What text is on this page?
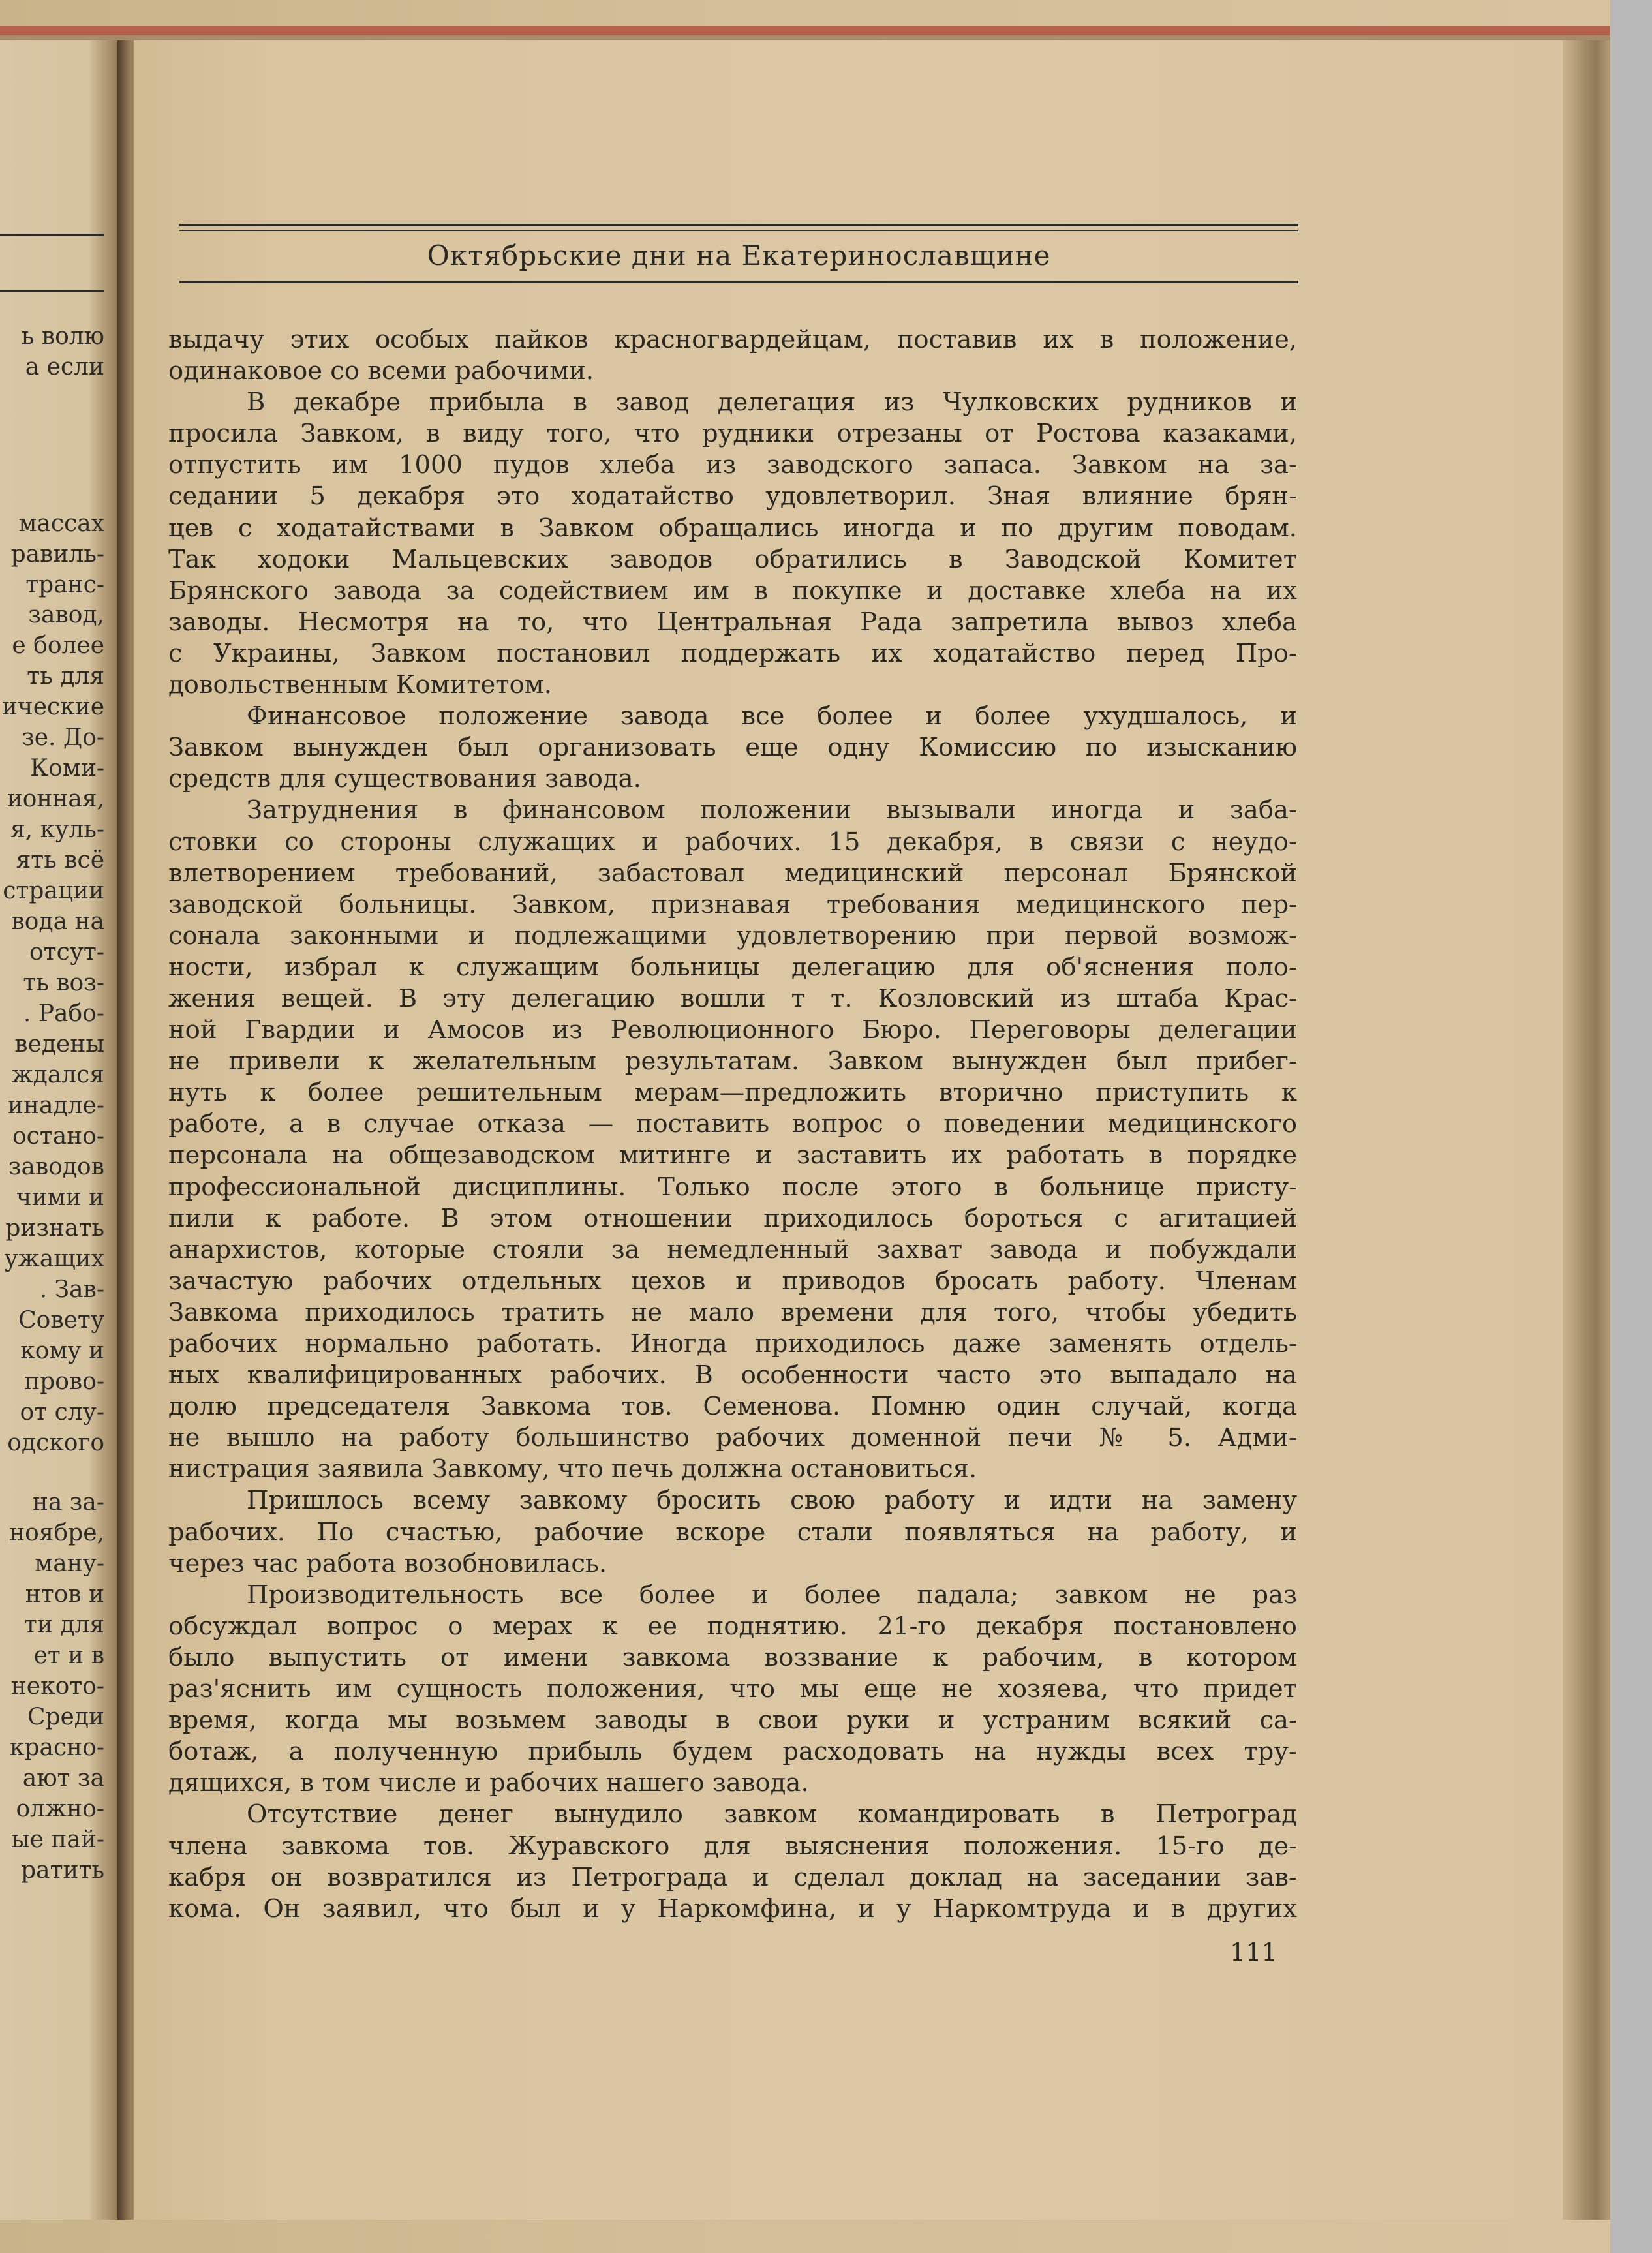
ь волю
а если
массах
равиль-
транс-
завод,
е более
ть для
ические
зе. До-
Коми-
ионная,
я, куль-
ять всё
страции
вода на
отсут-
ть воз-
. Рабо-
ведены
ждался
инадле-
остано-
заводов
чими и
ризнать
ужащих
. Зав-
Совету
кому и
прово-
от слу-
одского
на за-
ноябре,
ману-
нтов и
ти для
ет и в
некото-
Среди
красно-
ают за
олжно-
ые пай-
ратить
Октябрьские дни на Екатеринославщине
выдачу этих особых пайков красногвардейцам, поставив их в положение,
одинаковое со всеми рабочими.
В декабре прибыла в завод делегация из Чулковских рудников и
просила Завком, в виду того, что рудники отрезаны от Ростова казаками,
отпустить им 1000 пудов хлеба из заводского запаса. Завком на за-
седании 5 декабря это ходатайство удовлетворил. Зная влияние брян-
цев с ходатайствами в Завком обращались иногда и по другим поводам.
Так ходоки Мальцевских заводов обратились в Заводской Комитет
Брянского завода за содействием им в покупке и доставке хлеба на их
заводы. Несмотря на то, что Центральная Рада запретила вывоз хлеба
с Украины, Завком постановил поддержать их ходатайство перед Про-
довольственным Комитетом.
Финансовое положение завода все более и более ухудшалось, и
Завком вынужден был организовать еще одну Комиссию по изысканию
средств для существования завода.
Затруднения в финансовом положении вызывали иногда и заба-
стовки со стороны служащих и рабочих. 15 декабря, в связи с неудо-
влетворением требований, забастовал медицинский персонал Брянской
заводской больницы. Завком, признавая требования медицинского пер-
сонала законными и подлежащими удовлетворению при первой возмож-
ности, избрал к служащим больницы делегацию для об'яснения поло-
жения вещей. В эту делегацию вошли т т. Козловский из штаба Крас-
ной Гвардии и Амосов из Революционного Бюро. Переговоры делегации
не привели к желательным результатам. Завком вынужден был прибег-
нуть к более решительным мерам—предложить вторично приступить к
работе, а в случае отказа — поставить вопрос о поведении медицинского
персонала на общезаводском митинге и заставить их работать в порядке
профессиональной дисциплины. Только после этого в больнице присту-
пили к работе. В этом отношении приходилось бороться с агитацией
анархистов, которые стояли за немедленный захват завода и побуждали
зачастую рабочих отдельных цехов и приводов бросать работу. Членам
Завкома приходилось тратить не мало времени для того, чтобы убедить
рабочих нормально работать. Иногда приходилось даже заменять отдель-
ных квалифицированных рабочих. В особенности часто это выпадало на
долю председателя Завкома тов. Семенова. Помню один случай, когда
не вышло на работу большинство рабочих доменной печи № 5. Адми-
нистрация заявила Завкому, что печь должна остановиться.
Пришлось всему завкому бросить свою работу и идти на замену
рабочих. По счастью, рабочие вскоре стали появляться на работу, и
через час работа возобновилась.
Производительность все более и более падала; завком не раз
обсуждал вопрос о мерах к ее поднятию. 21-го декабря постановлено
было выпустить от имени завкома воззвание к рабочим, в котором
раз'яснить им сущность положения, что мы еще не хозяева, что придет
время, когда мы возьмем заводы в свои руки и устраним всякий са-
ботаж, а полученную прибыль будем расходовать на нужды всех тру-
дящихся, в том числе и рабочих нашего завода.
Отсутствие денег вынудило завком командировать в Петроград
члена завкома тов. Журавского для выяснения положения. 15-го де-
кабря он возвратился из Петрограда и сделал доклад на заседании зав-
кома. Он заявил, что был и у Наркомфина, и у Наркомтруда и в других
111
